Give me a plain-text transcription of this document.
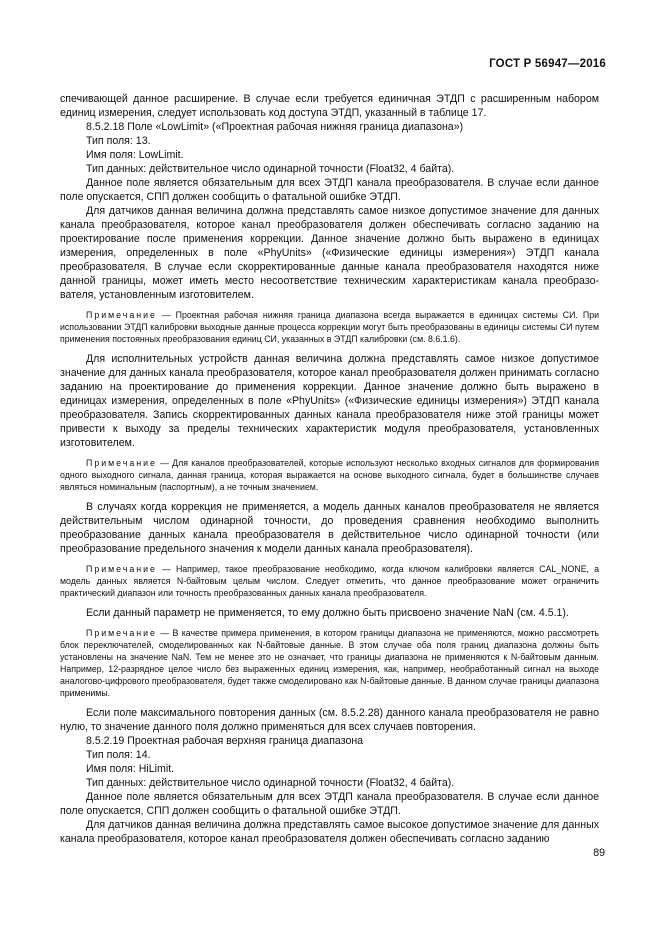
ГОСТ Р 56947—2016

спечивающей данное расширение. В случае если требуется единичная ЭТДП с расширенным набором единиц измерения, следует использовать код доступа ЭТДП, указанный в таблице 17.

8.5.2.18 Поле «LowLimit» («Проектная рабочая нижняя граница диапазона»)

Тип поля: 13.

Имя поля: LowLimit.

Тип данных: действительное число одинарной точности (Float32, 4 байта).

Данное поле является обязательным для всех ЭТДП канала преобразователя. В случае если данное поле опускается, СПП должен сообщить о фатальной ошибке ЭТДП.

Для датчиков данная величина должна представлять самое низкое допустимое значение для данных канала преобразователя, которое канал преобразователя должен обеспечивать согласно заданию на проектирование после применения коррекции. Данное значение должно быть выражено в единицах измерения, определенных в поле «PhyUnits» («Физические единицы измерения») ЭТДП канала преобразователя. В случае если скорректированные данные канала преобразователя находятся ниже данной границы, может иметь место несоответствие техническим характеристикам канала преобразователя, установленным изготовителем.

Примечание — Проектная рабочая нижняя граница диапазона всегда выражается в единицах системы СИ. При использовании ЭТДП калибровки выходные данные процесса коррекции могут быть преобразованы в единицы системы СИ путем применения постоянных преобразования единиц СИ, указанных в ЭТДП калибровки (см. 8.6.1.6).

Для исполнительных устройств данная величина должна представлять самое низкое допустимое значение для данных канала преобразователя, которое канал преобразователя должен принимать согласно заданию на проектирование до применения коррекции. Данное значение должно быть выражено в единицах измерения, определенных в поле «PhyUnits» («Физические единицы измерения») ЭТДП канала преобразователя. Запись скорректированных данных канала преобразователя ниже этой границы может привести к выходу за пределы технических характеристик модуля преобразователя, установленных изготовителем.

Примечание — Для каналов преобразователей, которые используют несколько входных сигналов для формирования одного выходного сигнала, данная граница, которая выражается на основе выходного сигнала, будет в большинстве случаев являться номинальным (паспортным), а не точным значением.

В случаях когда коррекция не применяется, а модель данных каналов преобразователя не является действительным числом одинарной точности, до проведения сравнения необходимо выполнить преобразование данных канала преобразователя в действительное число одинарной точности (или преобразование предельного значения к модели данных канала преобразователя).

Примечание — Например, такое преобразование необходимо, когда ключом калибровки является CAL_NONE, а модель данных является N-байтовым целым числом. Следует отметить, что данное преобразование может ограничить практический диапазон или точность преобразованных данных канала преобразователя.

Если данный параметр не применяется, то ему должно быть присвоено значение NaN (см. 4.5.1).

Примечание — В качестве примера применения, в котором границы диапазона не применяются, можно рассмотреть блок переключателей, смоделированных как N-байтовые данные. В этом случае оба поля границ диапазона должны быть установлены на значение NaN. Тем не менее это не означает, что границы диапазона не применяются к N-байтовым данным. Например, 12-разрядное целое число без выраженных единиц измерения, как, например, необработанный сигнал на выходе аналогово-цифрового преобразователя, будет также смоделировано как N-байтовые данные. В данном случае границы диапазона применимы.

Если поле максимального повторения данных (см. 8.5.2.28) данного канала преобразователя не равно нулю, то значение данного поля должно применяться для всех случаев повторения.

8.5.2.19 Проектная рабочая верхняя граница диапазона

Тип поля: 14.

Имя поля: HiLimit.

Тип данных: действительное число одинарной точности (Float32, 4 байта).

Данное поле является обязательным для всех ЭТДП канала преобразователя. В случае если данное поле опускается, СПП должен сообщить о фатальной ошибке ЭТДП.

Для датчиков данная величина должна представлять самое высокое допустимое значение для данных канала преобразователя, которое канал преобразователя должен обеспечивать согласно заданию

89
